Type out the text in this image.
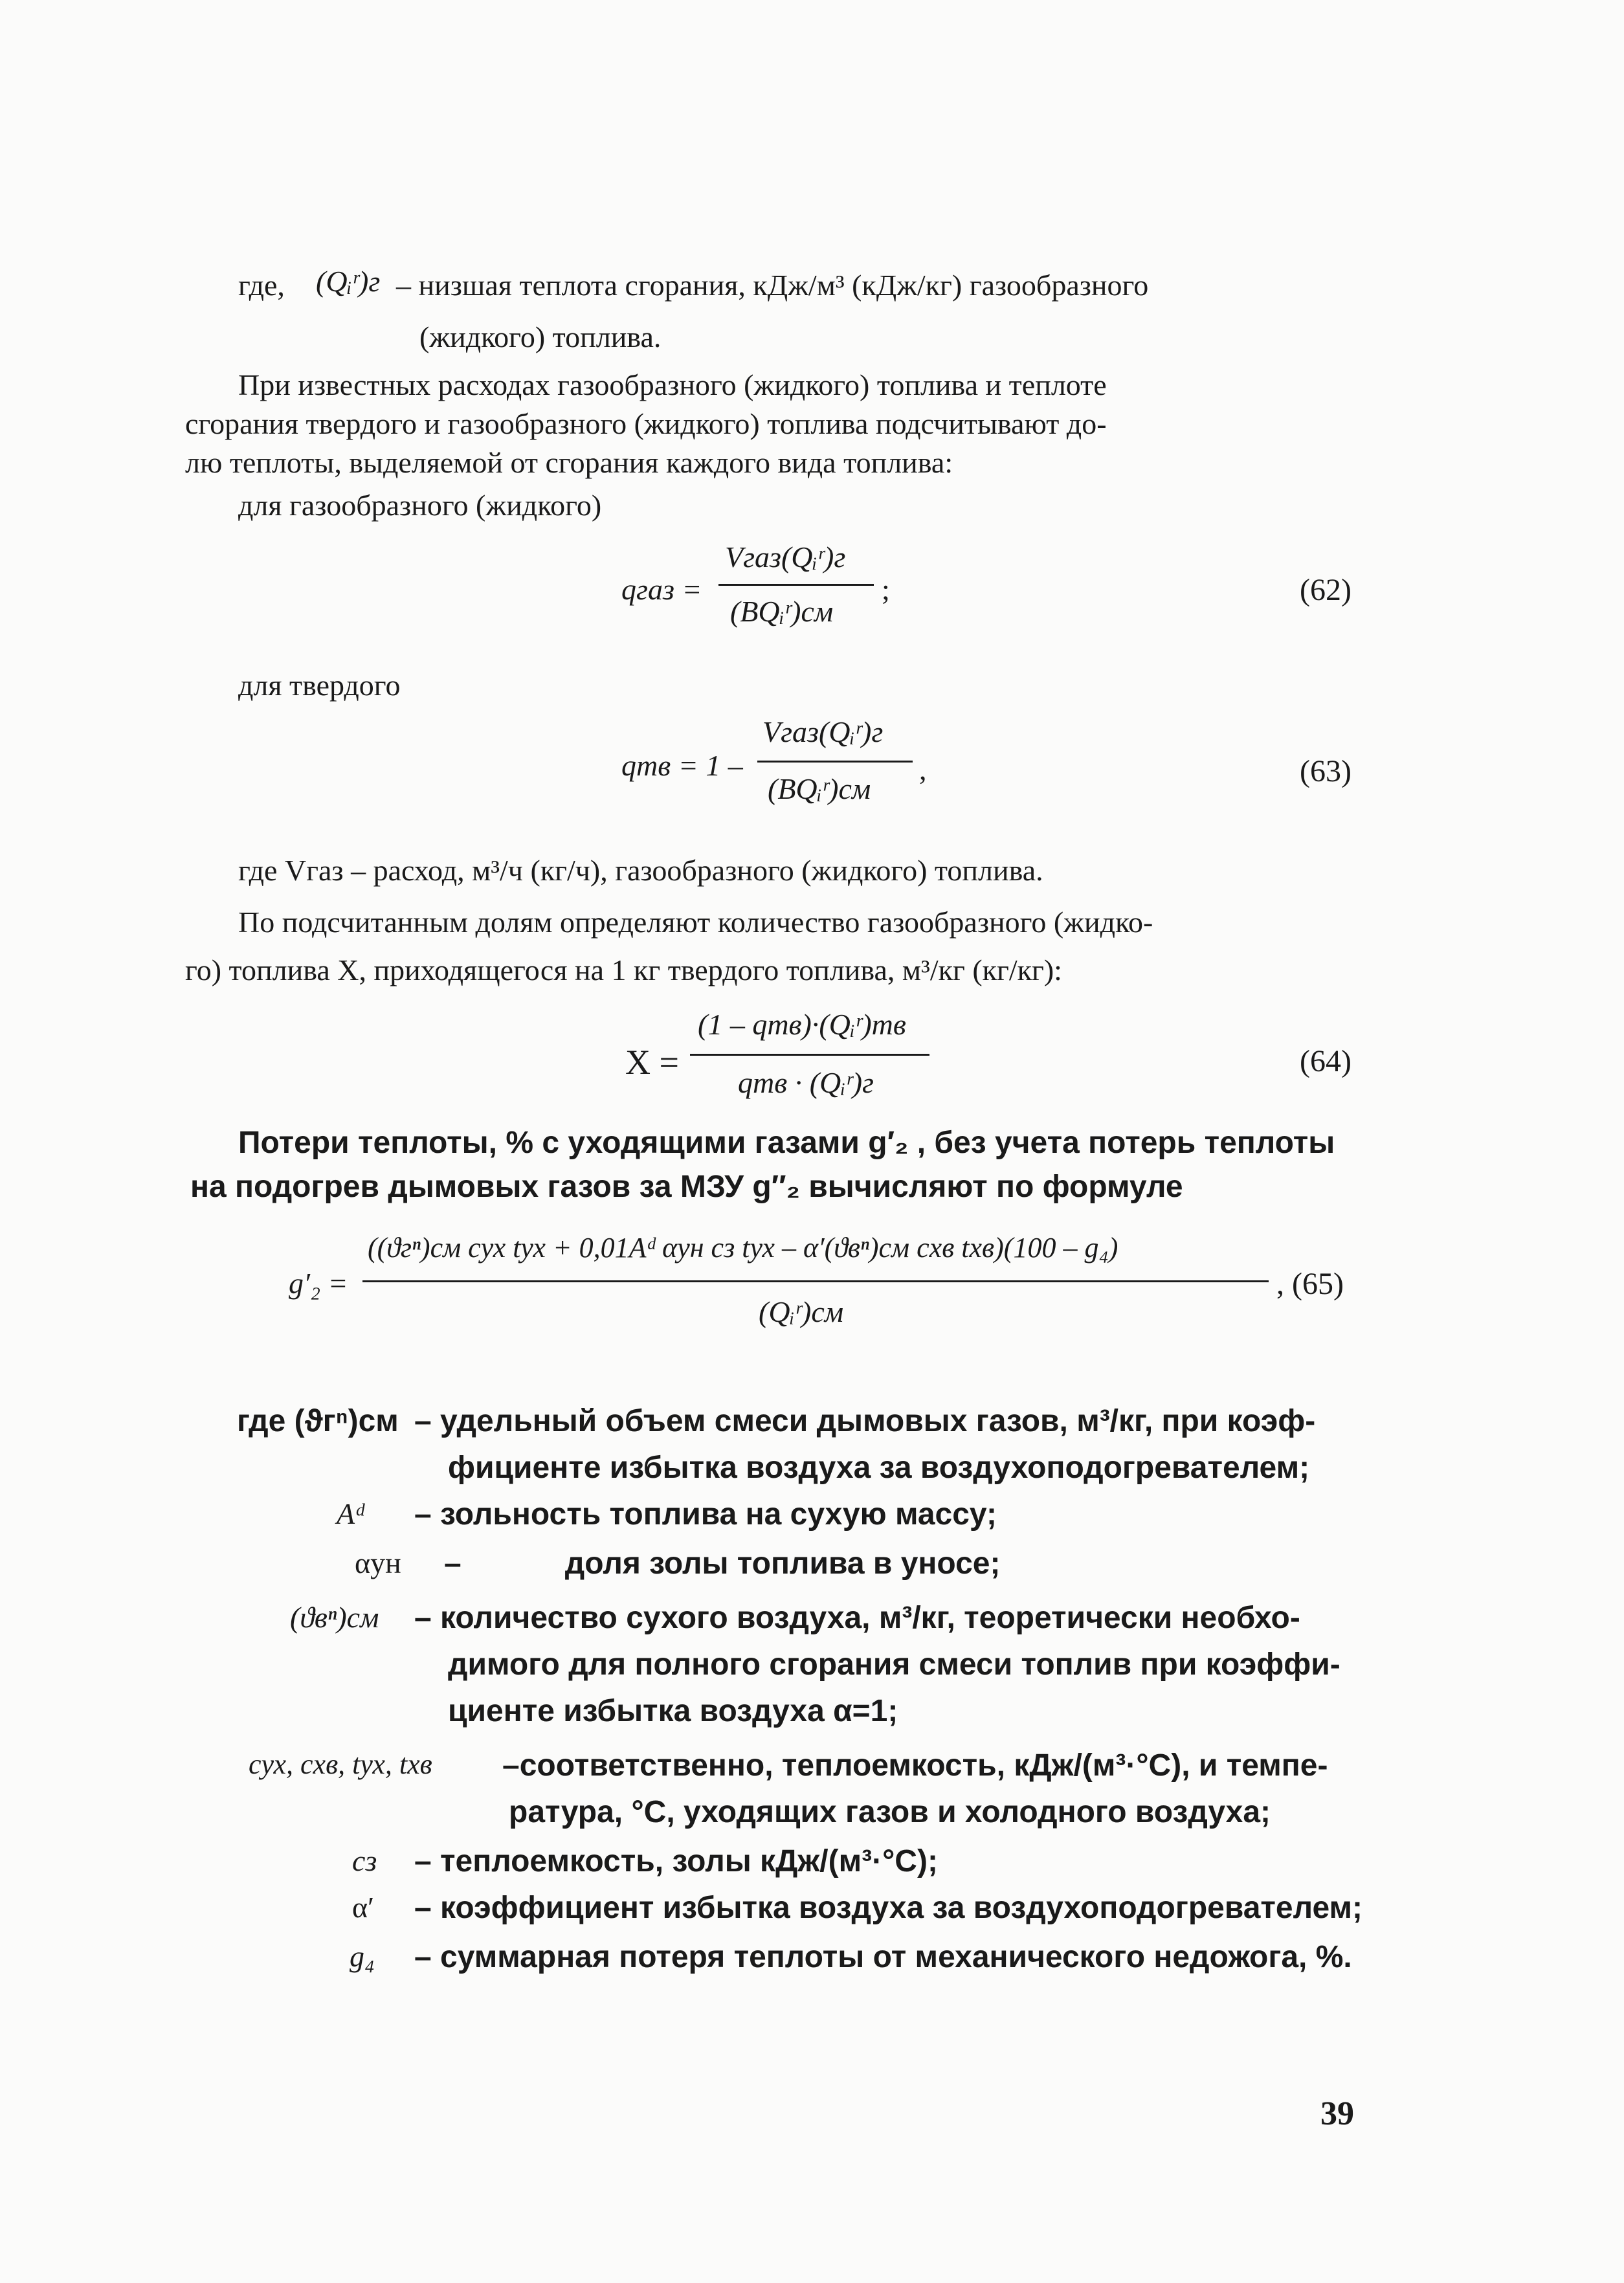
где, (Qᵢʳ)г – низшая теплота сгорания, кДж/м³ (кДж/кг) газообразного
(жидкого) топлива.
При известных расходах газообразного (жидкого) топлива и теплоте
сгорания твердого и газообразного (жидкого) топлива подсчитывают до-
лю теплоты, выделяемой от сгорания каждого вида топлива:
для газообразного (жидкого)
qгаз =
Vгаз(Qᵢʳ)г
(BQᵢʳ)см
;	(62)
для твердого
qтв = 1 –
Vгаз(Qᵢʳ)г
(BQᵢʳ)см
,	(63)
где Vгаз – расход, м³/ч (кг/ч), газообразного (жидкого) топлива.
По подсчитанным долям определяют количество газообразного (жидко-
го) топлива X, приходящегося на 1 кг твердого топлива, м³/кг (кг/кг):
X =
(1 – qтв)·(Qᵢʳ)тв
qтв · (Qᵢʳ)г
(64)
Потери теплоты, % с уходящими газами g′₂ , без учета потерь теплоты
на подогрев дымовых газов за МЗУ g″₂ вычисляют по формуле
g′₂ =
((ϑгⁿ)см cух tух + 0,01Aᵈ αун cз tух – α′(ϑвⁿ)см cхв tхв)(100 – g₄)
(Qᵢʳ)см
, (65)
где (ϑгⁿ)см – удельный объем смеси дымовых газов, м³/кг, при коэф-
фициенте избытка воздуха за воздухоподогревателем;
Aᵈ – зольность топлива на сухую массу;
αун –            доля золы топлива в уносе;
(ϑвⁿ)см – количество сухого воздуха, м³/кг, теоретически необхо-
димого для полного сгорания смеси топлив при коэффи-
циенте избытка воздуха α=1;
cух, cхв, tух, tхв –соответственно, теплоемкость, кДж/(м³·°С), и темпе-
ратура, °С, уходящих газов и холодного воздуха;
cз – теплоемкость, золы кДж/(м³·°С);
α′ – коэффициент избытка воздуха за воздухоподогревателем;
g₄ – суммарная потеря теплоты от механического недожога, %.
39
